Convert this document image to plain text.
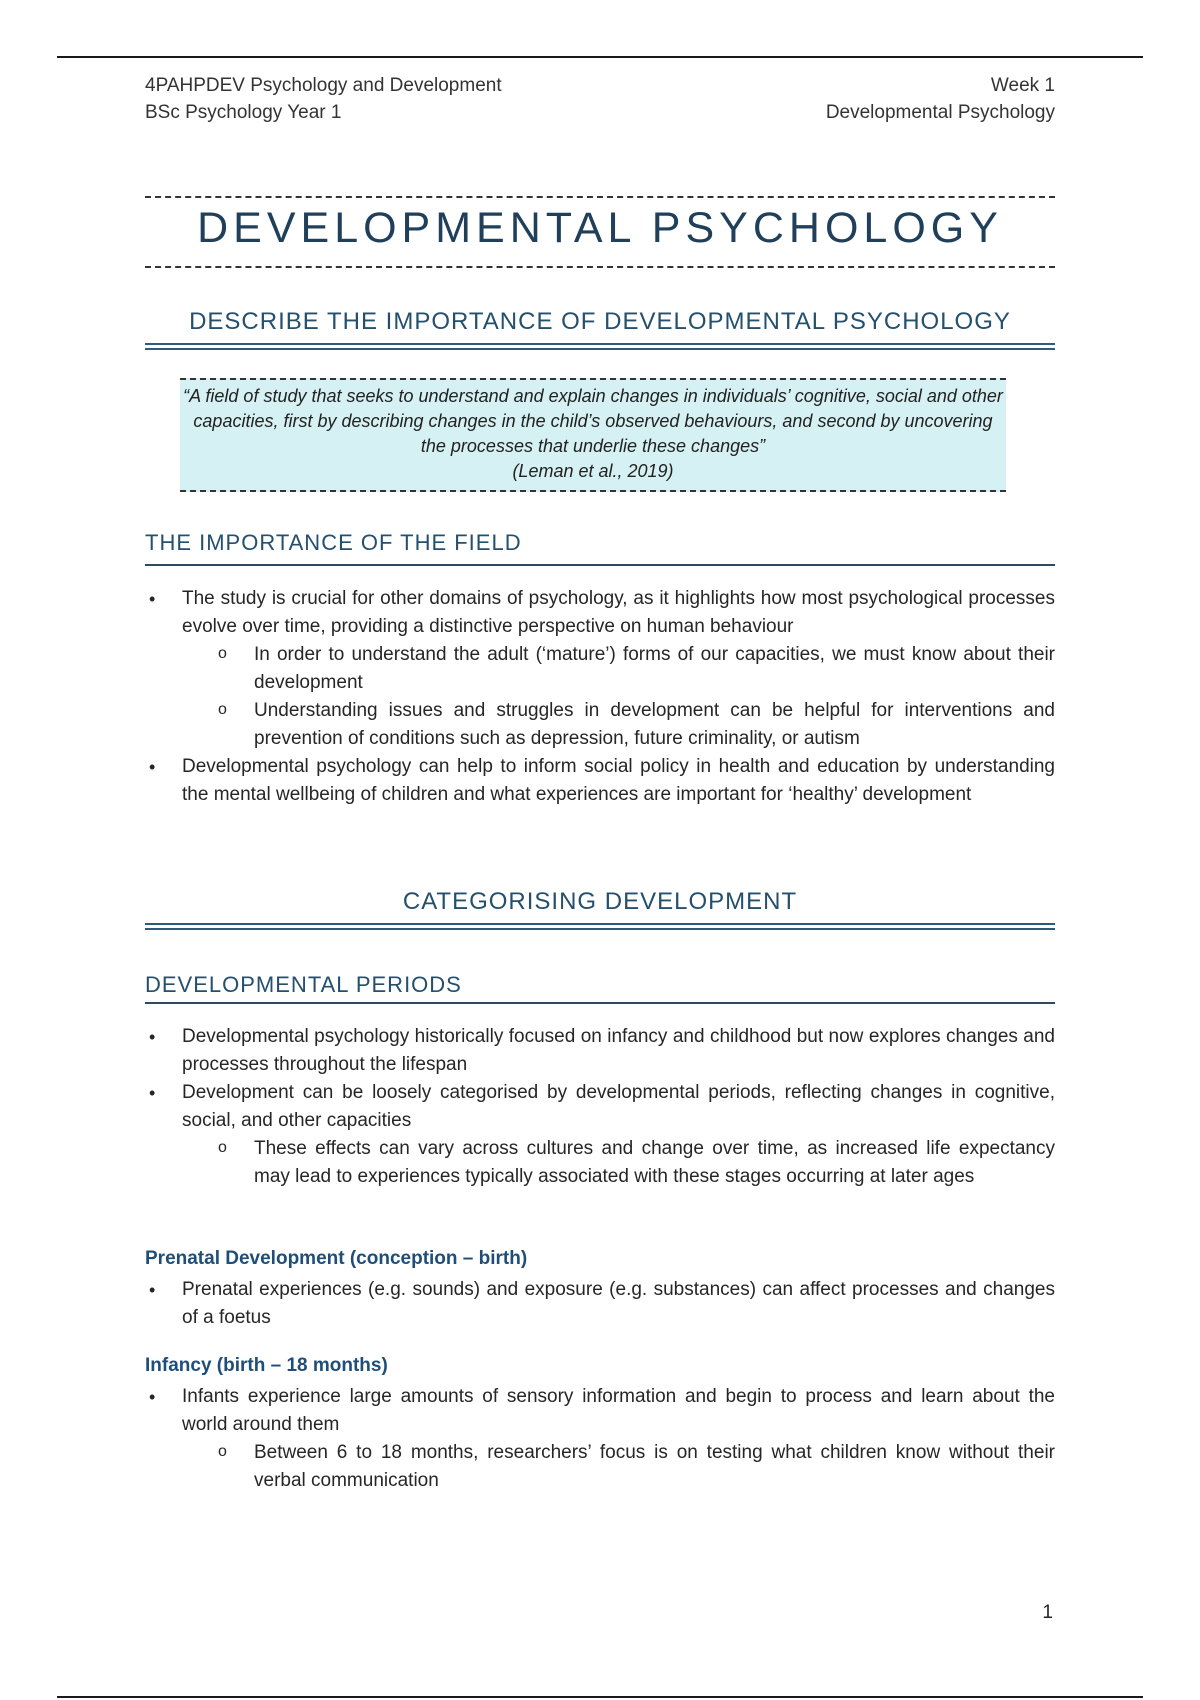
4PAHPDEV Psychology and Development
BSc Psychology Year 1
Week 1
Developmental Psychology
DEVELOPMENTAL PSYCHOLOGY
DESCRIBE THE IMPORTANCE OF DEVELOPMENTAL PSYCHOLOGY
“A field of study that seeks to understand and explain changes in individuals’ cognitive, social and other capacities, first by describing changes in the child’s observed behaviours, and second by uncovering the processes that underlie these changes”
(Leman et al., 2019)
THE IMPORTANCE OF THE FIELD
• The study is crucial for other domains of psychology, as it highlights how most psychological processes evolve over time, providing a distinctive perspective on human behaviour
o In order to understand the adult (‘mature’) forms of our capacities, we must know about their development
o Understanding issues and struggles in development can be helpful for interventions and prevention of conditions such as depression, future criminality, or autism
• Developmental psychology can help to inform social policy in health and education by understanding the mental wellbeing of children and what experiences are important for ‘healthy’ development
CATEGORISING DEVELOPMENT
DEVELOPMENTAL PERIODS
• Developmental psychology historically focused on infancy and childhood but now explores changes and processes throughout the lifespan
• Development can be loosely categorised by developmental periods, reflecting changes in cognitive, social, and other capacities
o These effects can vary across cultures and change over time, as increased life expectancy may lead to experiences typically associated with these stages occurring at later ages
Prenatal Development (conception – birth)
• Prenatal experiences (e.g. sounds) and exposure (e.g. substances) can affect processes and changes of a foetus
Infancy (birth – 18 months)
• Infants experience large amounts of sensory information and begin to process and learn about the world around them
o Between 6 to 18 months, researchers’ focus is on testing what children know without their verbal communication
1
